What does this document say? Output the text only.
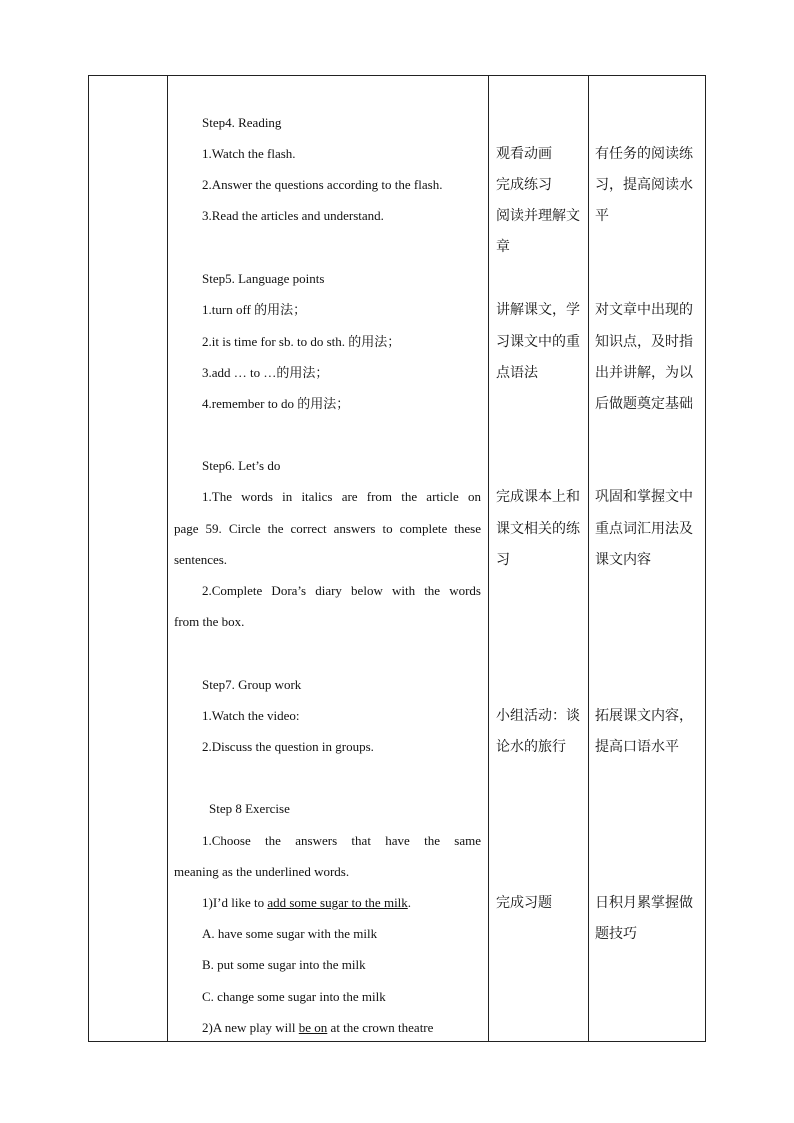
Step4. Reading
1.Watch the flash.
2.Answer the questions according to the flash.
3.Read the articles and understand.
观看动画
完成练习
阅读并理解文
章
有任务的阅读练
习，提高阅读水
平
Step5. Language points
1.turn off 的用法；
2.it is time for sb. to do sth. 的用法；
3.add … to …的用法；
4.remember to do 的用法；
讲解课文，学
习课文中的重
点语法
对文章中出现的
知识点，及时指
出并讲解，为以
后做题奠定基础
Step6. Let’s do
1.The words in italics are from the article on
page 59. Circle the correct answers to complete these
sentences.
2.Complete Dora’s diary below with the words
from the box.
完成课本上和
课文相关的练
习
巩固和掌握文中
重点词汇用法及
课文内容
Step7. Group work
1.Watch the video:
2.Discuss the question in groups.
小组活动：谈
论水的旅行
拓展课文内容，
提高口语水平
Step 8 Exercise
1.Choose the answers that have the same
meaning as the underlined words.
1)I’d like to add some sugar to the milk.
A. have some sugar with the milk
B. put some sugar into the milk
C. change some sugar into the milk
2)A new play will be on at the crown theatre
完成习题	日积月累掌握做
题技巧
